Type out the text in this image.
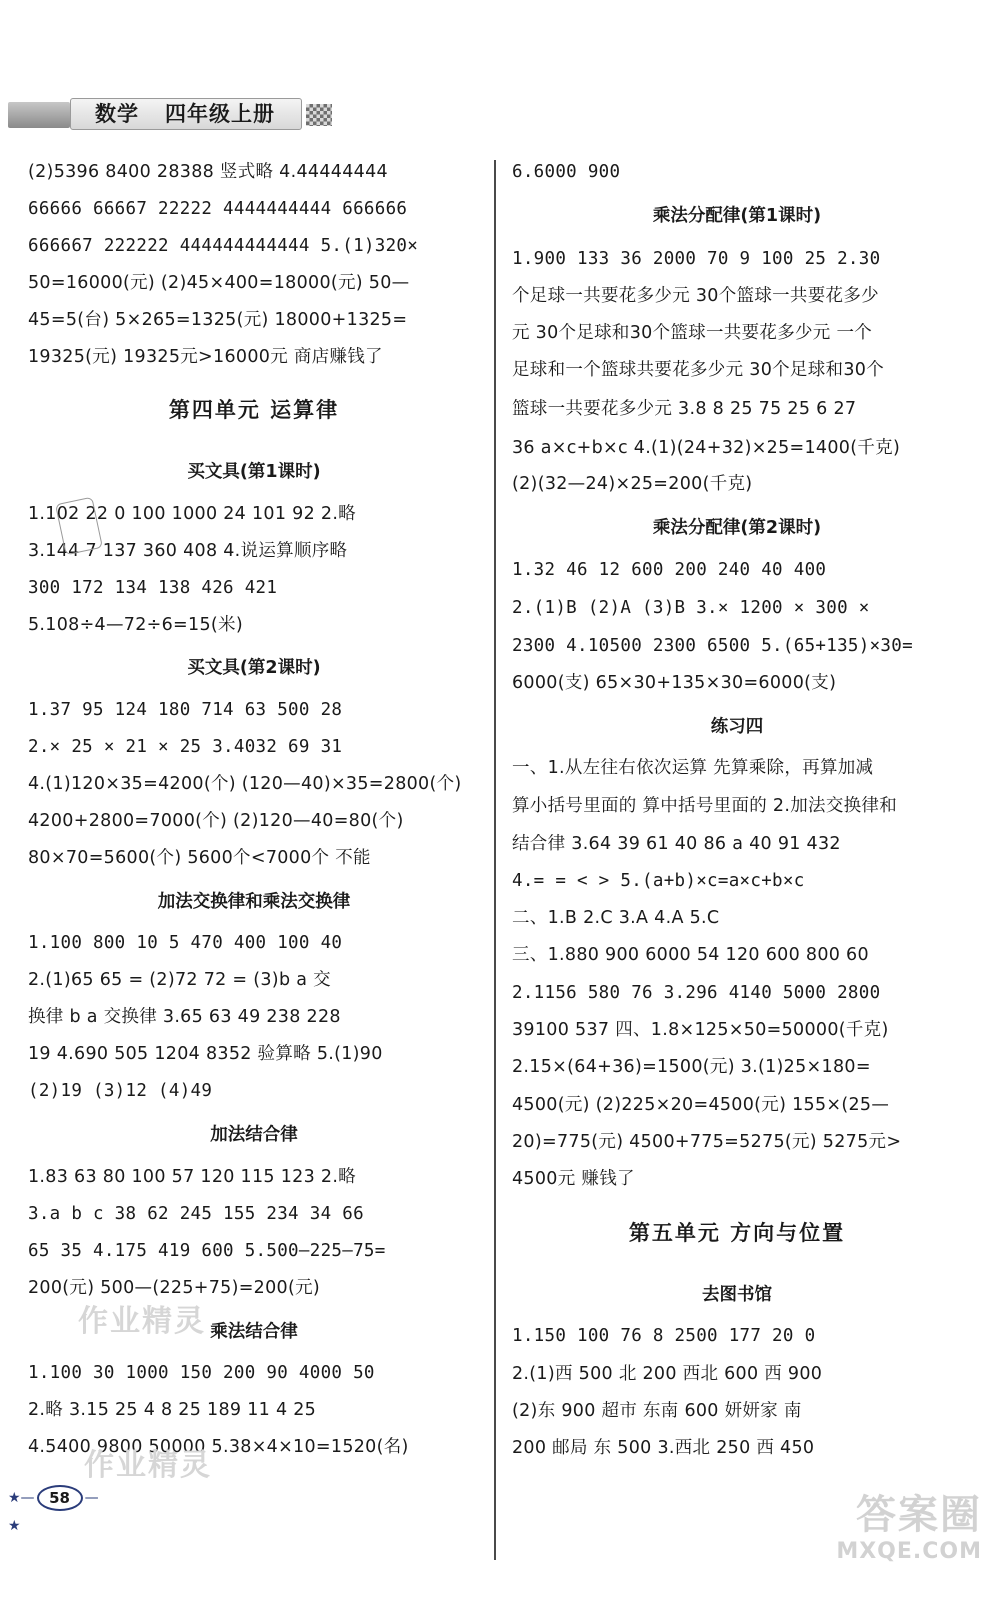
数学 四年级上册
(2)5396 8400 28388 竖式略 4.44444444
66666 66667 22222 4444444444 666666
666667 222222 444444444444 5.(1)320×
50=16000(元) (2)45×400=18000(元) 50—
45=5(台) 5×265=1325(元) 18000+1325=
19325(元) 19325元>16000元 商店赚钱了
第四单元 运算律
买文具(第1课时)
1.102 22 0 100 1000 24 101 92 2.略
3.144 7 137 360 408 4.说运算顺序略
300 172 134 138 426 421
5.108÷4—72÷6=15(米)
买文具(第2课时)
1.37 95 124 180 714 63 500 28
2.× 25 × 21 × 25 3.4032 69 31
4.(1)120×35=4200(个) (120—40)×35=2800(个)
4200+2800=7000(个) (2)120—40=80(个)
80×70=5600(个) 5600个<7000个 不能
加法交换律和乘法交换律
1.100 800 10 5 470 400 100 40
2.(1)65 65 = (2)72 72 = (3)b a 交
换律 b a 交换律 3.65 63 49 238 228
19 4.690 505 1204 8352 验算略 5.(1)90
(2)19 (3)12 (4)49
加法结合律
1.83 63 80 100 57 120 115 123 2.略
3.a b c 38 62 245 155 234 34 66
65 35 4.175 419 600 5.500—225—75=
200(元) 500—(225+75)=200(元)
乘法结合律
1.100 30 1000 150 200 90 4000 50
2.略 3.15 25 4 8 25 189 11 4 25
4.5400 9800 50000 5.38×4×10=1520(名)
6.6000 900
乘法分配律(第1课时)
1.900 133 36 2000 70 9 100 25 2.30
个足球一共要花多少元 30个篮球一共要花多少
元 30个足球和30个篮球一共要花多少元 一个
足球和一个篮球共要花多少元 30个足球和30个
篮球一共要花多少元 3.8 8 25 75 25 6 27
36 a×c+b×c 4.(1)(24+32)×25=1400(千克)
(2)(32—24)×25=200(千克)
乘法分配律(第2课时)
1.32 46 12 600 200 240 40 400
2.(1)B (2)A (3)B 3.× 1200 × 300 ×
2300 4.10500 2300 6500 5.(65+135)×30=
6000(支) 65×30+135×30=6000(支)
练习四
一、1.从左往右依次运算 先算乘除，再算加减
算小括号里面的 算中括号里面的 2.加法交换律和
结合律 3.64 39 61 40 86 a 40 91 432
4.= = < > 5.(a+b)×c=a×c+b×c
二、1.B 2.C 3.A 4.A 5.C
三、1.880 900 6000 54 120 600 800 60
2.1156 580 76 3.296 4140 5000 2800
39100 537 四、1.8×125×50=50000(千克)
2.15×(64+36)=1500(元) 3.(1)25×180=
4500(元) (2)225×20=4500(元) 155×(25—
20)=775(元) 4500+775=5275(元) 5275元>
4500元 赚钱了
第五单元 方向与位置
去图书馆
1.150 100 76 8 2500 177 20 0
2.(1)西 500 北 200 西北 600 西 900
(2)东 900 超市 东南 600 妍妍家 南
200 邮局 东 500 3.西北 250 西 450
作业精灵
作业精灵
★— 58 —★	答案圈
MXQE.COM
